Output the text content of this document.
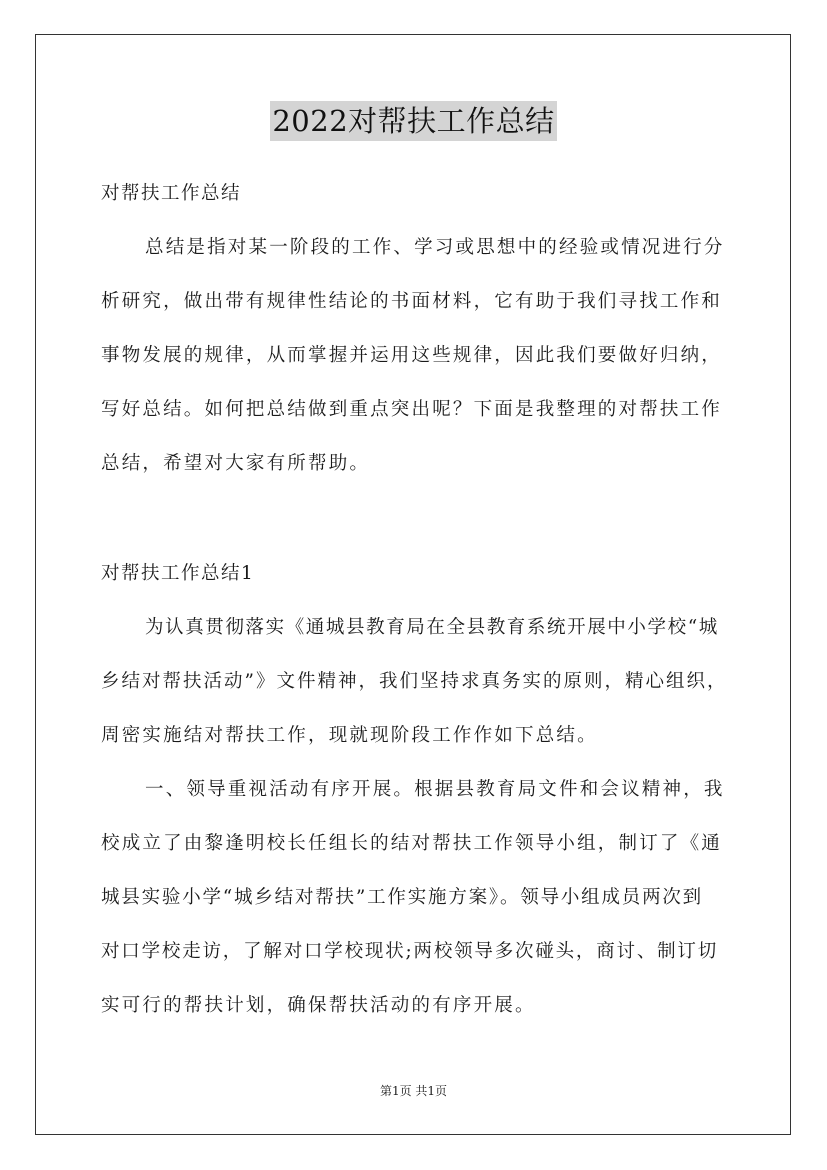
2022对帮扶工作总结
对帮扶工作总结
总结是指对某一阶段的工作、学习或思想中的经验或情况进行分
析研究，做出带有规律性结论的书面材料，它有助于我们寻找工作和
事物发展的规律，从而掌握并运用这些规律，因此我们要做好归纳，
写好总结。如何把总结做到重点突出呢？下面是我整理的对帮扶工作
总结，希望对大家有所帮助。
对帮扶工作总结1
为认真贯彻落实《通城县教育局在全县教育系统开展中小学校“城
乡结对帮扶活动”》文件精神，我们坚持求真务实的原则，精心组织，
周密实施结对帮扶工作，现就现阶段工作作如下总结。
一、领导重视活动有序开展。根据县教育局文件和会议精神，我
校成立了由黎逢明校长任组长的结对帮扶工作领导小组，制订了《通
城县实验小学“城乡结对帮扶”工作实施方案》。领导小组成员两次到
对口学校走访，了解对口学校现状;两校领导多次碰头，商讨、制订切
实可行的帮扶计划，确保帮扶活动的有序开展。
第1页 共1页
